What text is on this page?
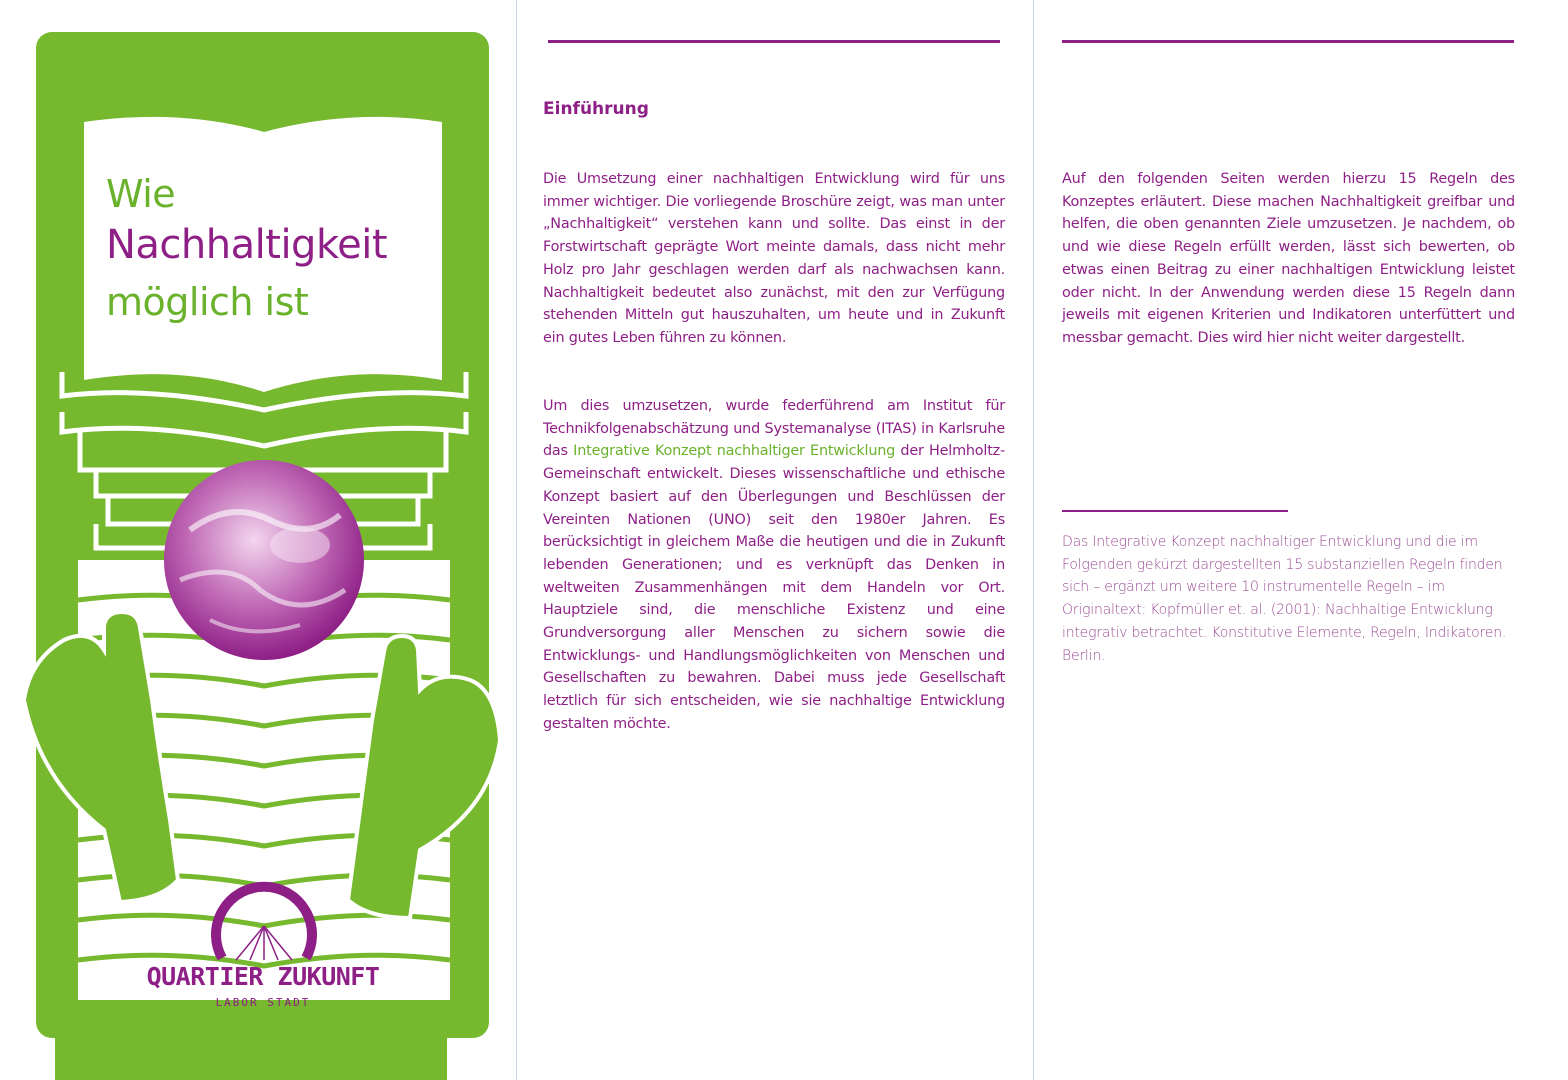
Wie
Nachhaltigkeit
möglich ist
QUARTIER ZUKUNFT
LABOR STADT
Einführung

Die Umsetzung einer nachhaltigen Entwicklung wird für uns immer wichtiger. Die vorliegende Broschüre zeigt, was man unter „Nachhaltigkeit“ verstehen kann und sollte. Das einst in der Forstwirtschaft geprägte Wort meinte damals, dass nicht mehr Holz pro Jahr geschlagen werden darf als nachwachsen kann. Nachhaltigkeit bedeutet also zunächst, mit den zur Verfügung stehenden Mitteln gut hauszuhalten, um heute und in Zukunft ein gutes Leben führen zu können.

Um dies umzusetzen, wurde federführend am Institut für Technikfolgenabschätzung und Systemanalyse (ITAS) in Karlsruhe das Integrative Konzept nachhaltiger Entwicklung der Helmholtz-Gemeinschaft entwickelt. Dieses wissenschaftliche und ethische Konzept basiert auf den Überlegungen und Beschlüssen der Vereinten Nationen (UNO) seit den 1980er Jahren. Es berücksichtigt in gleichem Maße die heutigen und die in Zukunft lebenden Generationen; und es verknüpft das Denken in weltweiten Zusammenhängen mit dem Handeln vor Ort. Hauptziele sind, die menschliche Existenz und eine Grundversorgung aller Menschen zu sichern sowie die Entwicklungs- und Handlungsmöglichkeiten von Menschen und Gesellschaften zu bewahren. Dabei muss jede Gesellschaft letztlich für sich entscheiden, wie sie nachhaltige Entwicklung gestalten möchte.

Auf den folgenden Seiten werden hierzu 15 Regeln des Konzeptes erläutert. Diese machen Nachhaltigkeit greifbar und helfen, die oben genannten Ziele umzusetzen. Je nachdem, ob und wie diese Regeln erfüllt werden, lässt sich bewerten, ob etwas einen Beitrag zu einer nachhaltigen Entwicklung leistet oder nicht. In der Anwendung werden diese 15 Regeln dann jeweils mit eigenen Kriterien und Indikatoren unterfüttert und messbar gemacht. Dies wird hier nicht weiter dargestellt.

Das Integrative Konzept nachhaltiger Entwicklung und die im Folgenden gekürzt dargestellten 15 substanziellen Regeln finden sich – ergänzt um weitere 10 instrumentelle Regeln – im Originaltext: Kopfmüller et. al. (2001): Nachhaltige Entwicklung integrativ betrachtet. Konstitutive Elemente, Regeln, Indikatoren. Berlin.
